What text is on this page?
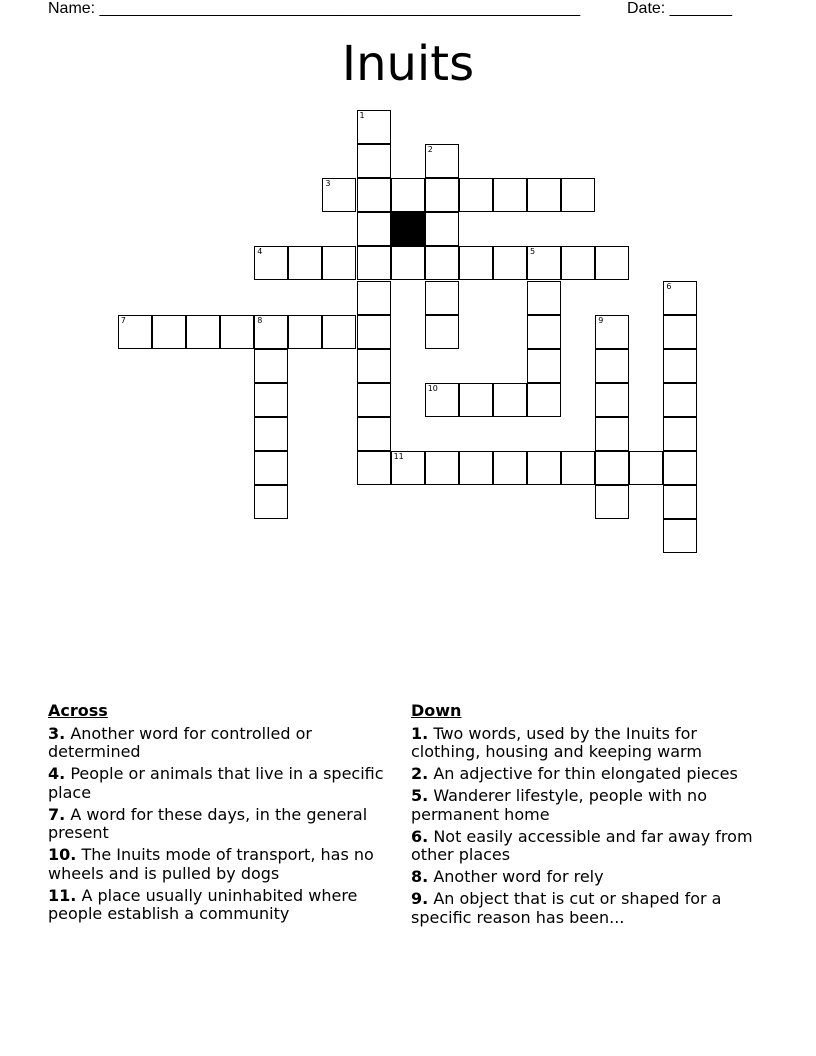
Name: ______________________________________________________	Date: _______
Inuits
1
2
3
4	5
6
7	8	9
10
11
Across
3. Another word for controlled or determined
4. People or animals that live in a specific place
7. A word for these days, in the general present
10. The Inuits mode of transport, has no wheels and is pulled by dogs
11. A place usually uninhabited where people establish a community
Down
1. Two words, used by the Inuits for clothing, housing and keeping warm
2. An adjective for thin elongated pieces
5. Wanderer lifestyle, people with no permanent home
6. Not easily accessible and far away from other places
8. Another word for rely
9. An object that is cut or shaped for a specific reason has been...
